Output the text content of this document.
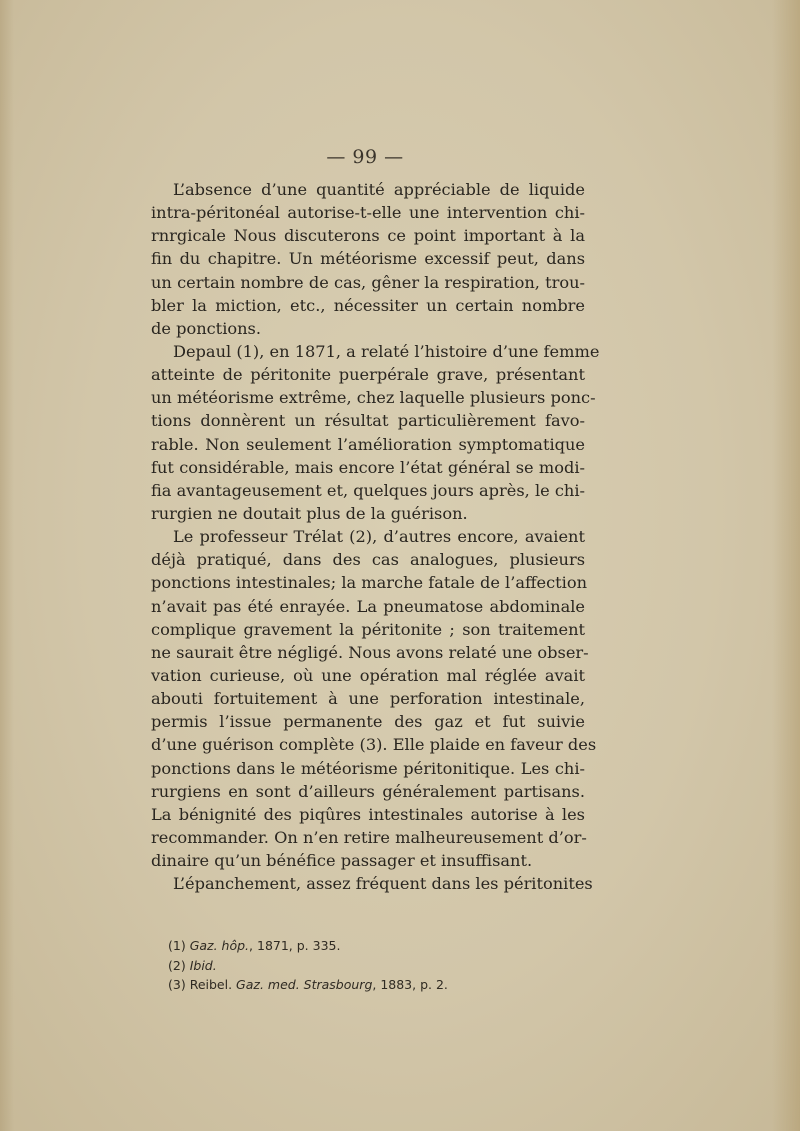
— 99 —
L’absence d’une quantité appréciable de liquide
intra-péritonéal autorise-t-elle une intervention chi-
rnrgicale Nous discuterons ce point important à la
fin du chapitre. Un météorisme excessif peut, dans
un certain nombre de cas, gêner la respiration, trou-
bler la miction, etc., nécessiter un certain nombre
de ponctions.
Depaul (1), en 1871, a relaté l’histoire d’une femme
atteinte de péritonite puerpérale grave, présentant
un météorisme extrême, chez laquelle plusieurs ponc-
tions donnèrent un résultat particulièrement favo-
rable. Non seulement l’amélioration symptomatique
fut considérable, mais encore l’état général se modi-
fia avantageusement et, quelques jours après, le chi-
rurgien ne doutait plus de la guérison.
Le professeur Trélat (2), d’autres encore, avaient
déjà pratiqué, dans des cas analogues, plusieurs
ponctions intestinales; la marche fatale de l’affection
n’avait pas été enrayée. La pneumatose abdominale
complique gravement la péritonite ; son traitement
ne saurait être négligé. Nous avons relaté une obser-
vation curieuse, où une opération mal réglée avait
abouti fortuitement à une perforation intestinale,
permis l’issue permanente des gaz et fut suivie
d’une guérison complète (3). Elle plaide en faveur des
ponctions dans le météorisme péritonitique. Les chi-
rurgiens en sont d’ailleurs généralement partisans.
La bénignité des piqûres intestinales autorise à les
recommander. On n’en retire malheureusement d’or-
dinaire qu’un bénéfice passager et insuffisant.
L’épanchement, assez fréquent dans les péritonites
(1) Gaz. hôp., 1871, p. 335.
(2) Ibid.
(3) Reibel. Gaz. med. Strasbourg, 1883, p. 2.
